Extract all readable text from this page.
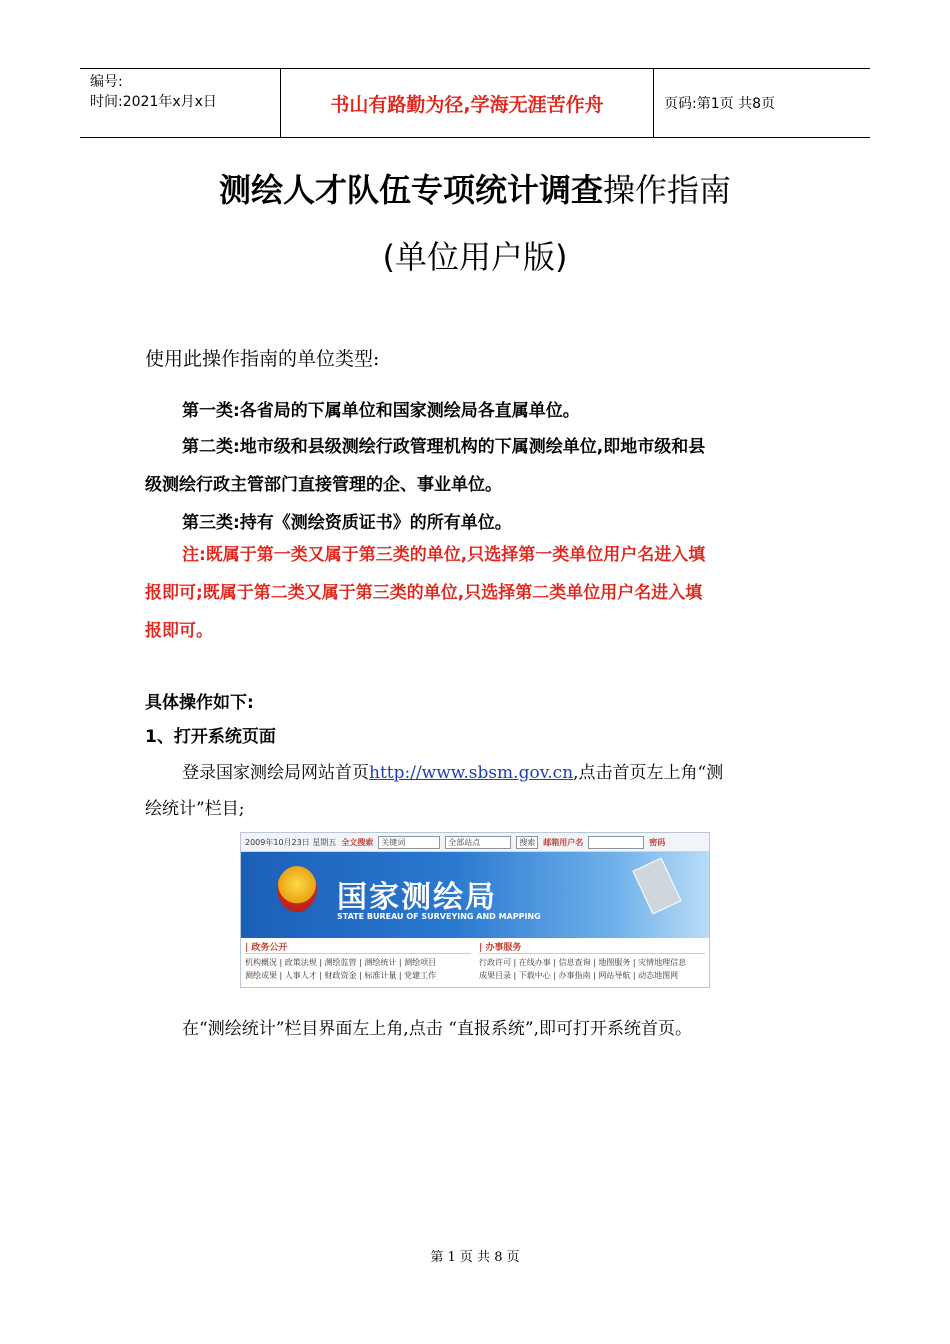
编号:
时间:2021年x月x日	书山有路勤为径,学海无涯苦作舟	页码:第1页 共8页
测绘人才队伍专项统计调查操作指南
(单位用户版)
使用此操作指南的单位类型:
第一类:各省局的下属单位和国家测绘局各直属单位。
第二类:地市级和县级测绘行政管理机构的下属测绘单位,即地市级和县
级测绘行政主管部门直接管理的企、事业单位。
第三类:持有《测绘资质证书》的所有单位。
注:既属于第一类又属于第三类的单位,只选择第一类单位用户名进入填
报即可;既属于第二类又属于第三类的单位,只选择第二类单位用户名进入填
报即可。
具体操作如下:
1、打开系统页面
登录国家测绘局网站首页http://www.sbsm.gov.cn,点击首页左上角“测
绘统计”栏目;
2009年10月23日 星期五 全文搜索	关键词	全部站点	搜索	邮箱用户名	密码
国家测绘局
STATE BUREAU OF SURVEYING AND MAPPING
| 政务公开
机构概况 | 政策法规 | 测绘监管 | 测绘统计 | 测绘项目
测绘成果 | 人事人才 | 财政资金 | 标准计量 | 党建工作
| 办事服务
行政许可 | 在线办事 | 信息查询 | 地图服务 | 灾情地理信息
成果目录 | 下载中心 | 办事指南 | 网站导航 | 动态地图网
在“测绘统计”栏目界面左上角,点击 “直报系统”,即可打开系统首页。
第 1 页 共 8 页
